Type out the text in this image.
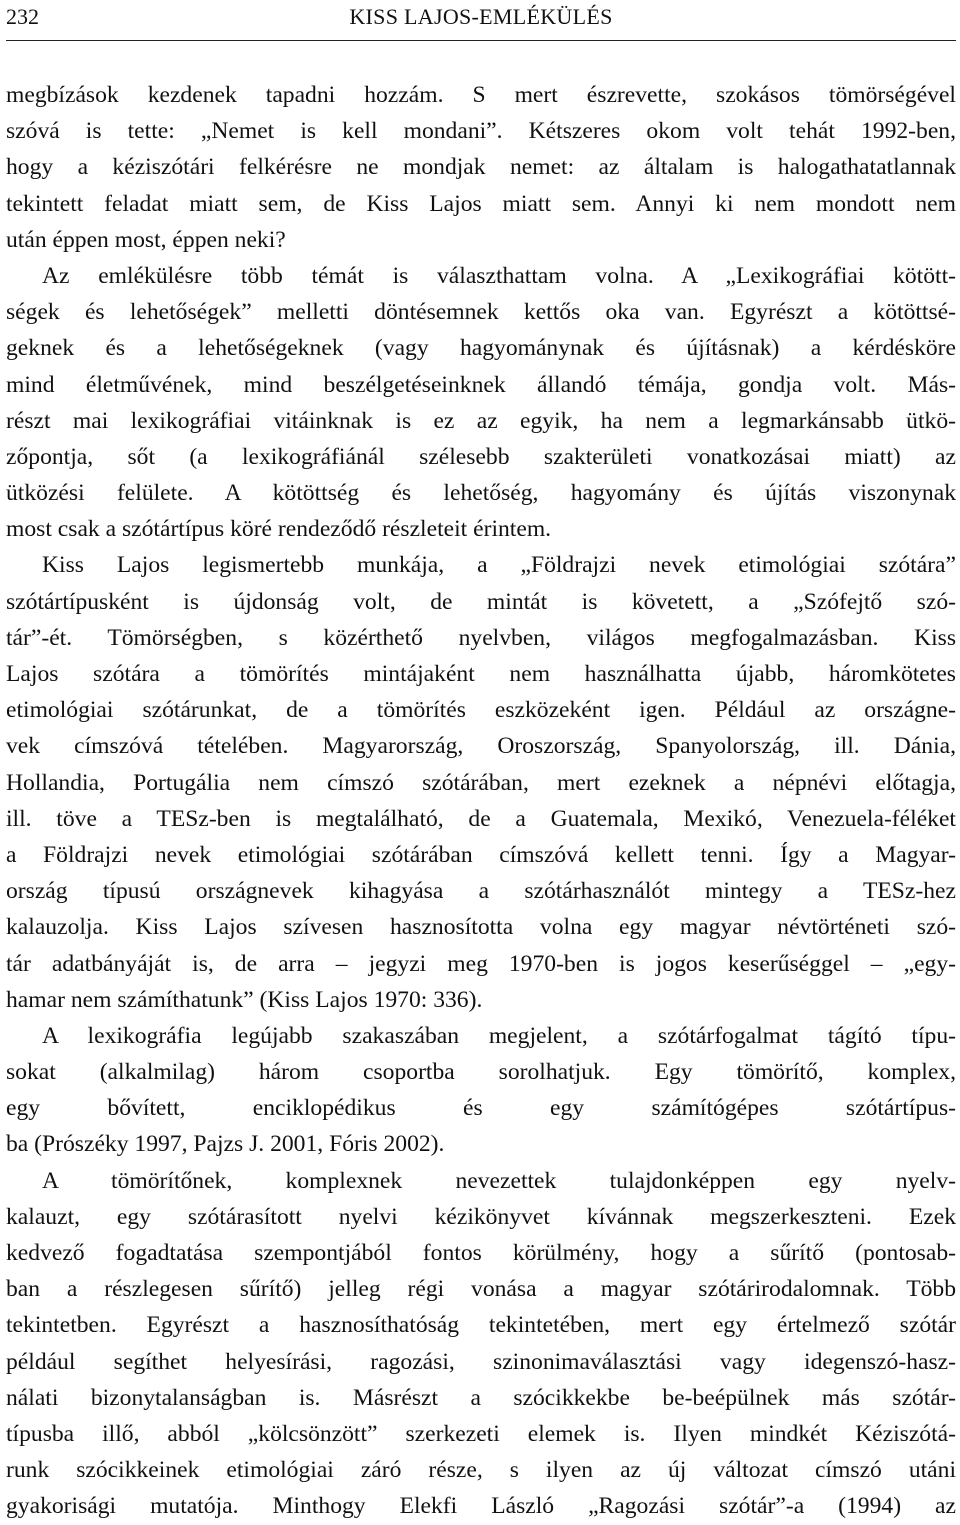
232	KISS LAJOS-EMLÉKÜLÉS
megbízások kezdenek tapadni hozzám. S mert észrevette, szokásos tömörségével
szóvá is tette: „Nemet is kell mondani”. Kétszeres okom volt tehát 1992-ben,
hogy a kéziszótári felkérésre ne mondjak nemet: az általam is halogathatatlannak
tekintett feladat miatt sem, de Kiss Lajos miatt sem. Annyi ki nem mondott nem
után éppen most, éppen neki?
Az emlékülésre több témát is választhattam volna. A „Lexikográfiai kötött-
ségek és lehetőségek” melletti döntésemnek kettős oka van. Egyrészt a kötöttsé-
geknek és a lehetőségeknek (vagy hagyománynak és újításnak) a kérdésköre
mind életművének, mind beszélgetéseinknek állandó témája, gondja volt. Más-
részt mai lexikográfiai vitáinknak is ez az egyik, ha nem a legmarkánsabb ütkö-
zőpontja, sőt (a lexikográfiánál szélesebb szakterületi vonatkozásai miatt) az
ütközési felülete. A kötöttség és lehetőség, hagyomány és újítás viszonynak
most csak a szótártípus köré rendeződő részleteit érintem.
Kiss Lajos legismertebb munkája, a „Földrajzi nevek etimológiai szótára”
szótártípusként is újdonság volt, de mintát is követett, a „Szófejtő szó-
tár”-ét. Tömörségben, s közérthető nyelvben, világos megfogalmazásban. Kiss
Lajos szótára a tömörítés mintájaként nem használhatta újabb, háromkötetes
etimológiai szótárunkat, de a tömörítés eszközeként igen. Például az országne-
vek címszóvá tételében. Magyarország, Oroszország, Spanyolország, ill. Dánia,
Hollandia, Portugália nem címszó szótárában, mert ezeknek a népnévi előtagja,
ill. töve a TESz-ben is megtalálható, de a Guatemala, Mexikó, Venezuela-féléket
a Földrajzi nevek etimológiai szótárában címszóvá kellett tenni. Így a Magyar-
ország típusú országnevek kihagyása a szótárhasználót mintegy a TESz-hez
kalauzolja. Kiss Lajos szívesen hasznosította volna egy magyar névtörténeti szó-
tár adatbányáját is, de arra – jegyzi meg 1970-ben is jogos keserűséggel – „egy-
hamar nem számíthatunk” (Kiss Lajos 1970: 336).
A lexikográfia legújabb szakaszában megjelent, a szótárfogalmat tágító típu-
sokat (alkalmilag) három csoportba sorolhatjuk. Egy tömörítő, komplex,
egy bővített, enciklopédikus és egy számítógépes szótártípus-
ba (Prószéky 1997, Pajzs J. 2001, Fóris 2002).
A tömörítőnek, komplexnek nevezettek tulajdonképpen egy nyelv-
kalauzt, egy szótárasított nyelvi kézikönyvet kívánnak megszerkeszteni. Ezek
kedvező fogadtatása szempontjából fontos körülmény, hogy a sűrítő (pontosab-
ban a részlegesen sűrítő) jelleg régi vonása a magyar szótárirodalomnak. Több
tekintetben. Egyrészt a hasznosíthatóság tekintetében, mert egy értelmező szótár
például segíthet helyesírási, ragozási, szinonimaválasztási vagy idegenszó-hasz-
nálati bizonytalanságban is. Másrészt a szócikkekbe be-beépülnek más szótár-
típusba illő, abból „kölcsönzött” szerkezeti elemek is. Ilyen mindkét Kéziszótá-
runk szócikkeinek etimológiai záró része, s ilyen az új változat címszó utáni
gyakorisági mutatója. Minthogy Elekfi László „Ragozási szótár”-a (1994) az
